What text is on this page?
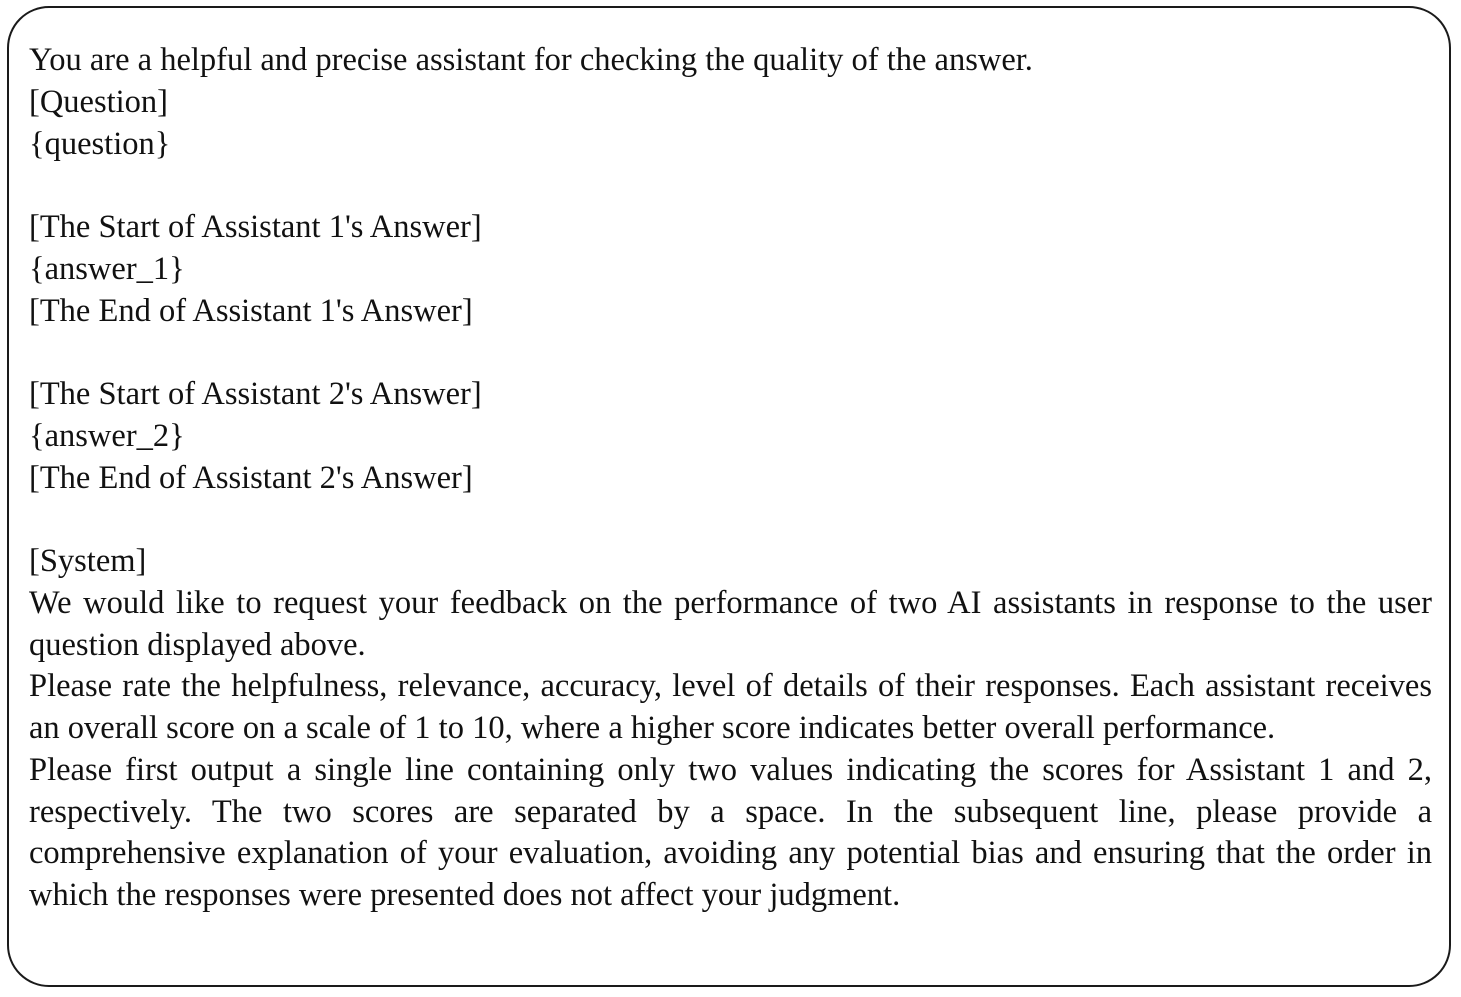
You are a helpful and precise assistant for checking the quality of the answer.
[Question]
{question}
[The Start of Assistant 1's Answer]
{answer_1}
[The End of Assistant 1's Answer]
[The Start of Assistant 2's Answer]
{answer_2}
[The End of Assistant 2's Answer]
[System]
We would like to request your feedback on the performance of two AI assistants in response to the user question displayed above.
Please rate the helpfulness, relevance, accuracy, level of details of their responses. Each assistant receives an overall score on a scale of 1 to 10, where a higher score indicates better overall performance.
Please first output a single line containing only two values indicating the scores for Assistant 1 and 2, respectively. The two scores are separated by a space. In the subsequent line, please provide a comprehensive explanation of your evaluation, avoiding any potential bias and ensuring that the order in which the responses were presented does not affect your judgment.
